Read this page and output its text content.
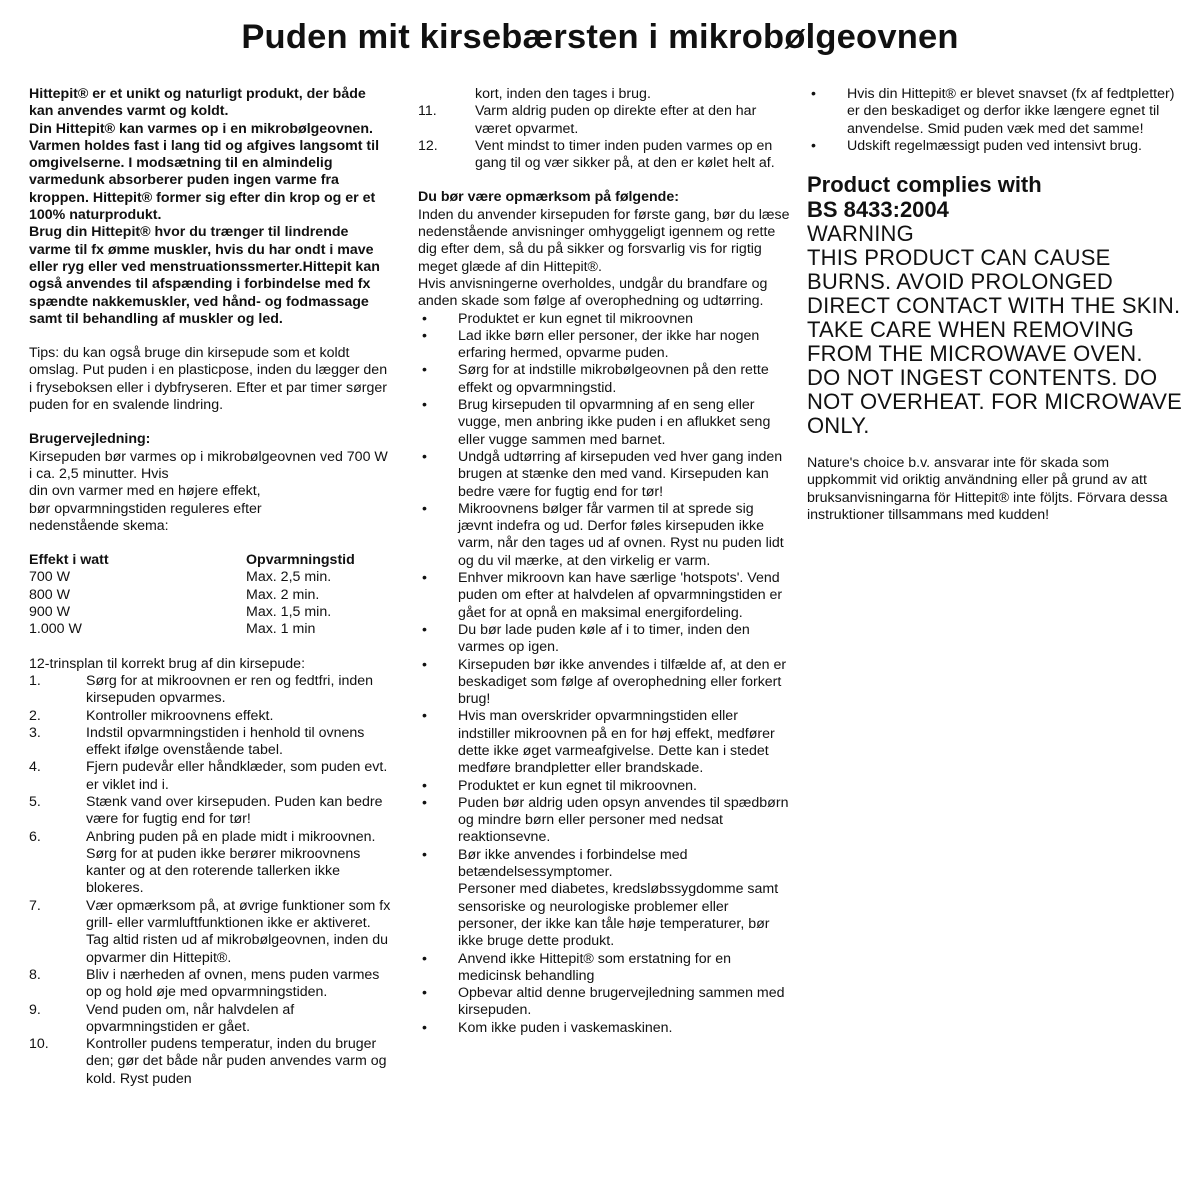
Puden mit kirsebærsten i mikrobølgeovnen

Hittepit® er et unikt og naturligt produkt, der både kan anvendes varmt og koldt.
Din Hittepit® kan varmes op i en mikrobølgeovnen. Varmen holdes fast i lang tid og afgives langsomt til omgivelserne. I modsætning til en almindelig varmedunk absorberer puden ingen varme fra kroppen. Hittepit® former sig efter din krop og er et 100% naturprodukt.
Brug din Hittepit® hvor du trænger til lindrende varme til fx ømme muskler, hvis du har ondt i mave eller ryg eller ved menstruationssmerter.Hittepit kan også anvendes til afspænding i forbindelse med fx spændte nakkemuskler, ved hånd- og fodmassage samt til behandling af muskler og led.

Tips: du kan også bruge din kirsepude som et koldt omslag. Put puden i en plasticpose, inden du lægger den i fryseboksen eller i dybfryseren. Efter et par timer sørger puden for en svalende lindring.

Brugervejledning:

Kirsepuden bør varmes op i mikrobølgeovnen ved 700 W i ca. 2,5 minutter. Hvis
din ovn varmer med en højere effekt,
bør opvarmningstiden reguleres efter
nedenstående skema:

Effekt i watt	Opvarmningstid
700 W	Max. 2,5 min.
800 W	Max. 2 min.
900 W	Max. 1,5 min.
1.000 W	Max. 1 min

12-trinsplan til korrekt brug af din kirsepude:

1.	Sørg for at mikroovnen er ren og fedtfri, inden kirsepuden opvarmes.
2.	Kontroller mikroovnens effekt.
3.	Indstil opvarmningstiden i henhold til ovnens effekt ifølge ovenstående tabel.
4.	Fjern pudevår eller håndklæder, som puden evt. er viklet ind i.
5.	Stænk vand over kirsepuden. Puden kan bedre være for fugtig end for tør!
6.	Anbring puden på en plade midt i mikroovnen. Sørg for at puden ikke berører mikroovnens kanter og at den roterende tallerken ikke blokeres.
7.	Vær opmærksom på, at øvrige funktioner som fx grill- eller varmluftfunktionen ikke er aktiveret. Tag altid risten ud af mikrobølgeovnen, inden du opvarmer din Hittepit®.
8.	Bliv i nærheden af ovnen, mens puden varmes op og hold øje med opvarmningstiden.
9.	Vend puden om, når halvdelen af opvarmningstiden er gået.
10.	Kontroller pudens temperatur, inden du bruger den; gør det både når puden anvendes varm og kold. Ryst puden

kort, inden den tages i brug.

11.	Varm aldrig puden op direkte efter at den har været opvarmet.
12.	Vent mindst to timer inden puden varmes op en gang til og vær sikker på, at den er kølet helt af.

Du bør være opmærksom på følgende:

Inden du anvender kirsepuden for første gang, bør du læse nedenstående anvisninger omhyggeligt igennem og rette dig efter dem, så du på sikker og forsvarlig vis for rigtig meget glæde af din Hittepit®.
Hvis anvisningerne overholdes, undgår du brandfare og anden skade som følge af overophedning og udtørring.

•	Produktet er kun egnet til mikroovnen
•	Lad ikke børn eller personer, der ikke har nogen erfaring hermed, opvarme puden.
•	Sørg for at indstille mikrobølgeovnen på den rette effekt og opvarmningstid.
•	Brug kirsepuden til opvarmning af en seng eller vugge, men anbring ikke puden i en aflukket seng eller vugge sammen med barnet.
•	Undgå udtørring af kirsepuden ved hver gang inden brugen at stænke den med vand. Kirsepuden kan bedre være for fugtig end for tør!
•	Mikroovnens bølger får varmen til at sprede sig jævnt indefra og ud. Derfor føles kirsepuden ikke varm, når den tages ud af ovnen. Ryst nu puden lidt og du vil mærke, at den virkelig er varm.
•	Enhver mikroovn kan have særlige 'hotspots'. Vend puden om efter at halvdelen af opvarmningstiden er gået for at opnå en maksimal energifordeling.
•	Du bør lade puden køle af i to timer, inden den varmes op igen.
•	Kirsepuden bør ikke anvendes i tilfælde af, at den er beskadiget som følge af overophedning eller forkert brug!
•	Hvis man overskrider opvarmningstiden eller indstiller mikroovnen på en for høj effekt, medfører dette ikke øget varmeafgivelse. Dette kan i stedet medføre brandpletter eller brandskade.
•	Produktet er kun egnet til mikroovnen.
•	Puden bør aldrig uden opsyn anvendes til spædbørn og mindre børn eller personer med nedsat reaktionsevne.
•	Bør ikke anvendes i forbindelse med betændelsessymptomer.
Personer med diabetes, kredsløbssygdomme samt sensoriske og neurologiske problemer eller personer, der ikke kan tåle høje temperaturer, bør ikke bruge dette produkt.
•	Anvend ikke Hittepit® som erstatning for en medicinsk behandling
•	Opbevar altid denne brugervejledning sammen med kirsepuden.
•	Kom ikke puden i vaskemaskinen.
•	Hvis din Hittepit® er blevet snavset (fx af fedtpletter) er den beskadiget og derfor ikke længere egnet til anvendelse. Smid puden væk med det samme!
•	Udskift regelmæssigt puden ved intensivt brug.

Product complies with
BS 8433:2004

WARNING
THIS PRODUCT CAN CAUSE BURNS. AVOID PROLONGED DIRECT CONTACT WITH THE SKIN. TAKE CARE WHEN REMOVING FROM THE MICROWAVE OVEN. DO NOT INGEST CONTENTS. DO NOT OVERHEAT. FOR MICROWAVE ONLY.

Nature's choice b.v. ansvarar inte för skada som uppkommit vid oriktig användning eller på grund av att bruksanvisningarna för Hittepit® inte följts. Förvara dessa instruktioner tillsammans med kudden!
